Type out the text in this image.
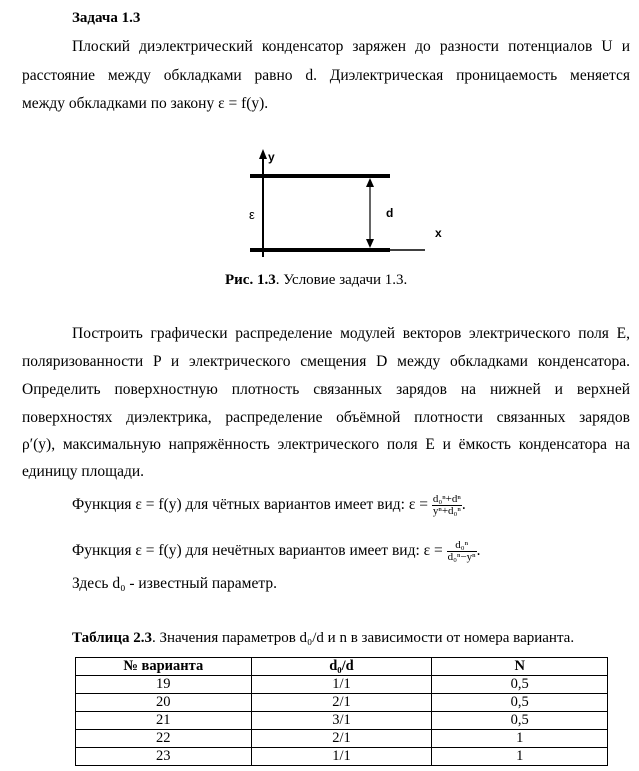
Задача 1.3
Плоский диэлектрический конденсатор заряжен до разности потенциалов U и
расстояние между обкладками равно d. Диэлектрическая проницаемость меняется
между обкладками по закону ε = f(y).
y
x
ε	d
Рис. 1.3. Условие задачи 1.3.
Построить графически распределение модулей векторов электрического поля E,
поляризованности P и электрического смещения D между обкладками конденсатора.
Определить поверхностную плотность связанных зарядов на нижней и верхней
поверхностях диэлектрика, распределение объёмной плотности связанных зарядов
ρ′(y), максимальную напряжённость электрического поля E и ёмкость конденсатора на
единицу площади.
Функция ε = f(y) для чётных вариантов имеет вид: $\varepsilon = \frac{\text{d₀ⁿ+dⁿ}}{\text{yⁿ+d₀ⁿ}}$ .
Функция ε = f(y) для нечётных вариантов имеет вид: $\varepsilon = \frac{\text{d₀ⁿ}}{\text{d₀ⁿ−yⁿ}}$ .
Здесь d₀ - известный параметр.
Таблица 2.3. Значения параметров d₀/d и n в зависимости от номера варианта.
№ варианта	d₀/d	N
19	1/1	0,5
20	2/1	0,5
21	3/1	0,5
22	2/1	1
23	1/1	1
